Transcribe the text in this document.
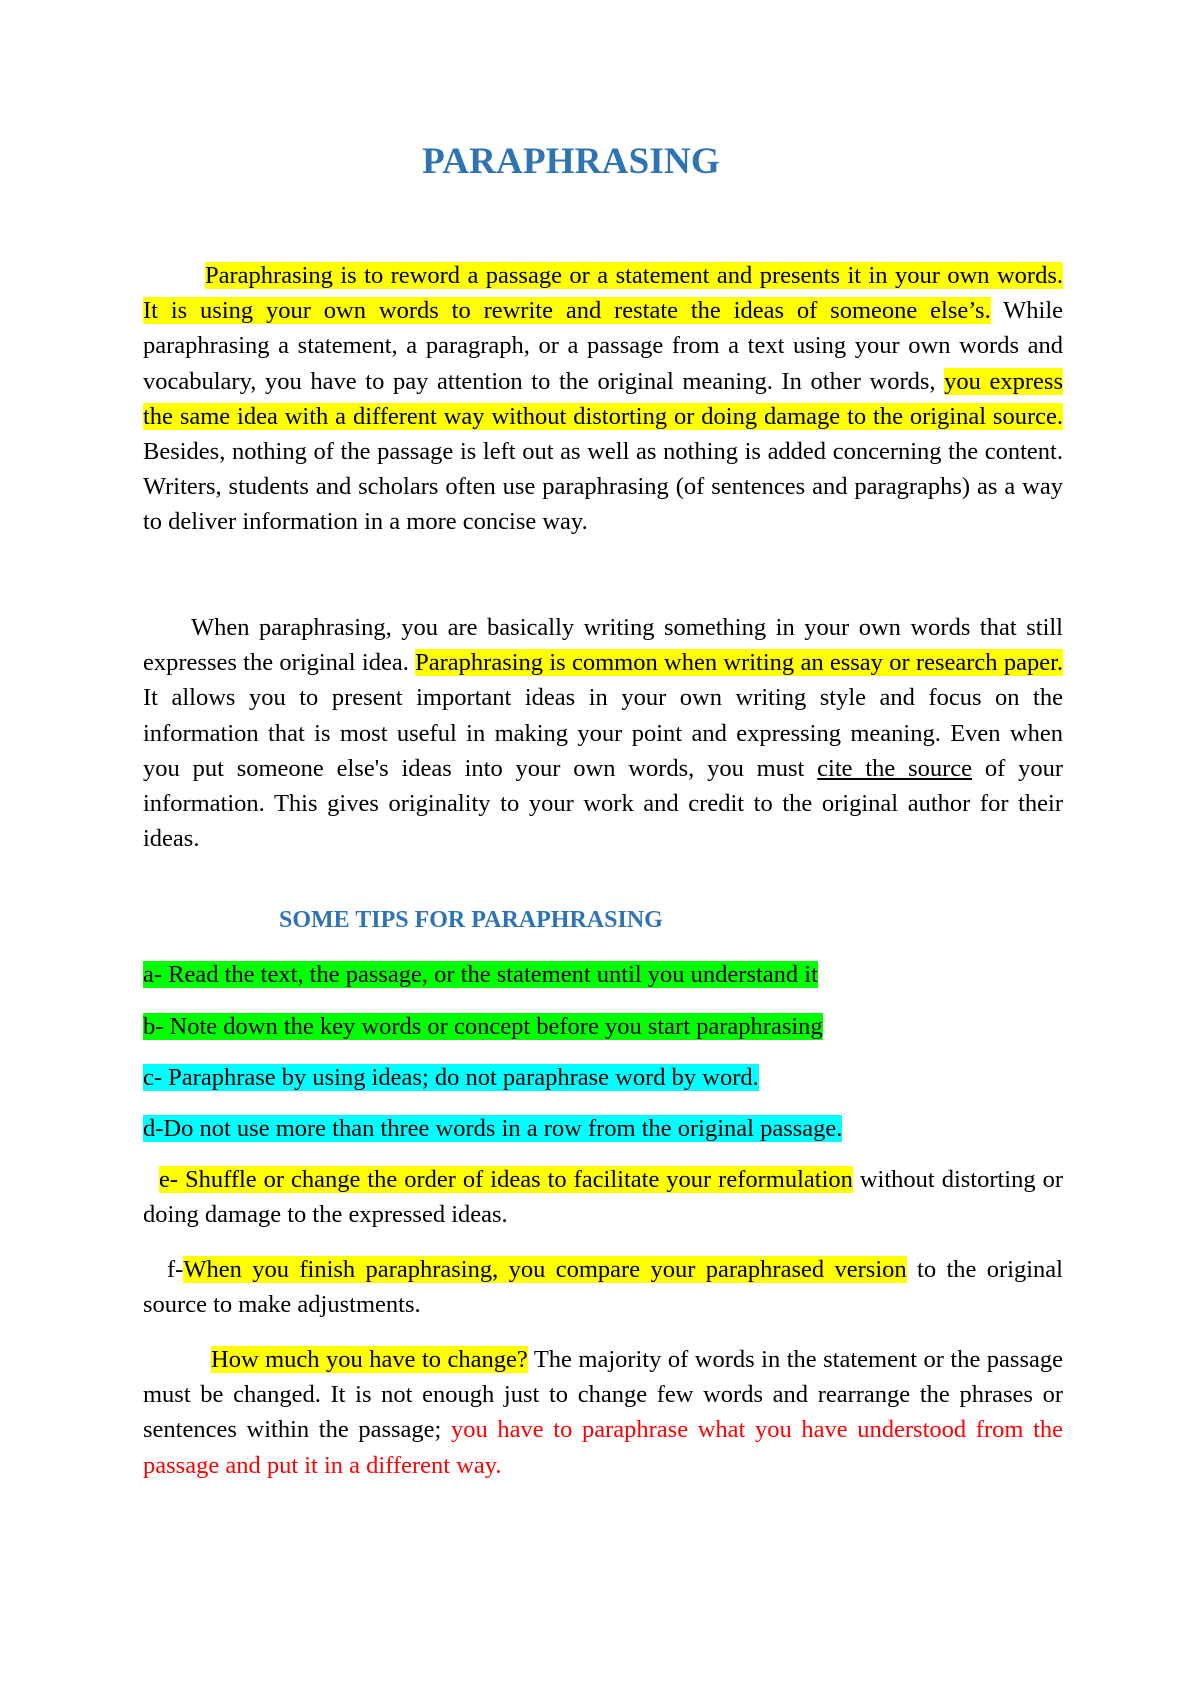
PARAPHRASING

Paraphrasing is to reword a passage or a statement and presents it in your own words. It is using your own words to rewrite and restate the ideas of someone else’s. While paraphrasing a statement, a paragraph, or a passage from a text using your own words and vocabulary, you have to pay attention to the original meaning. In other words, you express the same idea with a different way without distorting or doing damage to the original source. Besides, nothing of the passage is left out as well as nothing is added concerning the content. Writers, students and scholars often use paraphrasing (of sentences and paragraphs) as a way to deliver information in a more concise way.

When paraphrasing, you are basically writing something in your own words that still expresses the original idea. Paraphrasing is common when writing an essay or research paper. It allows you to present important ideas in your own writing style and focus on the information that is most useful in making your point and expressing meaning. Even when you put someone else's ideas into your own words, you must cite the source of your information. This gives originality to your work and credit to the original author for their ideas.

SOME TIPS FOR PARAPHRASING

a- Read the text, the passage, or the statement until you understand it

b- Note down the key words or concept before you start paraphrasing

c- Paraphrase by using ideas; do not paraphrase word by word.

d-Do not use more than three words in a row from the original passage.

e- Shuffle or change the order of ideas to facilitate your reformulation without distorting or doing damage to the expressed ideas.

f-When you finish paraphrasing, you compare your paraphrased version to the original source to make adjustments.

How much you have to change? The majority of words in the statement or the passage must be changed. It is not enough just to change few words and rearrange the phrases or sentences within the passage; you have to paraphrase what you have understood from the passage and put it in a different way.
